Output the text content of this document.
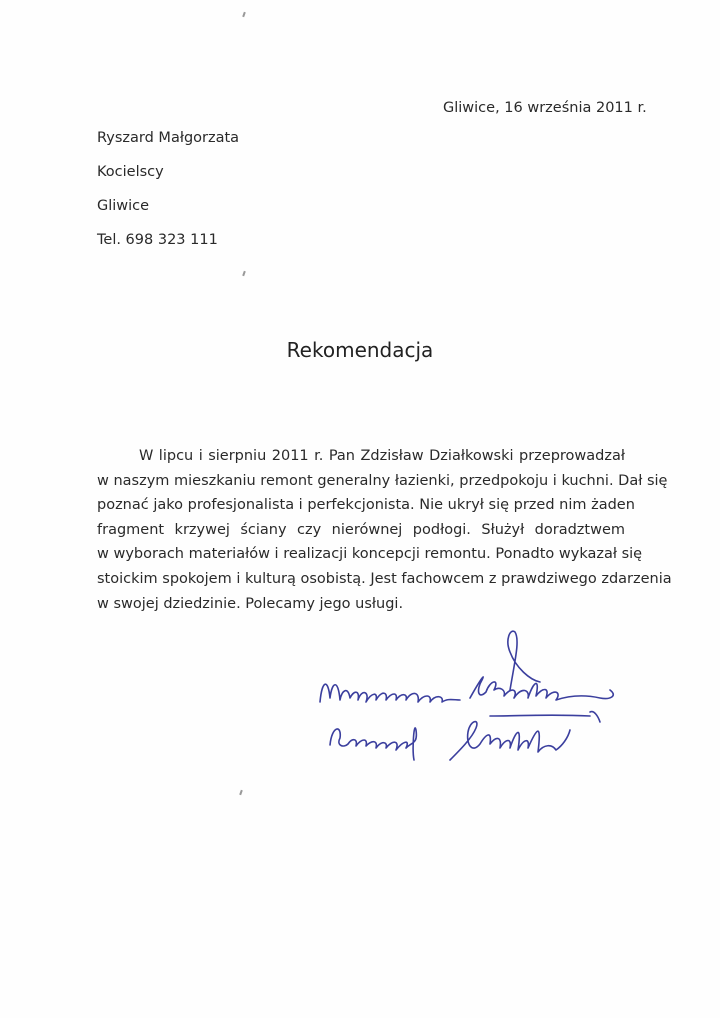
Gliwice, 16 września 2011 r.
Ryszard Małgorzata
Kocielscy
Gliwice
Tel. 698 323 111
Rekomendacja
W lipcu i sierpniu 2011 r. Pan Zdzisław Działkowski przeprowadzał
w naszym mieszkaniu remont generalny łazienki, przedpokoju i kuchni. Dał się
poznać jako profesjonalista i perfekcjonista. Nie ukrył się przed nim żaden
fragment krzywej ściany czy nierównej podłogi. Służył doradztwem
w wyborach materiałów i realizacji koncepcji remontu. Ponadto wykazał się
stoickim spokojem i kulturą osobistą. Jest fachowcem z prawdziwego zdarzenia
w swojej dziedzinie. Polecamy jego usługi.
